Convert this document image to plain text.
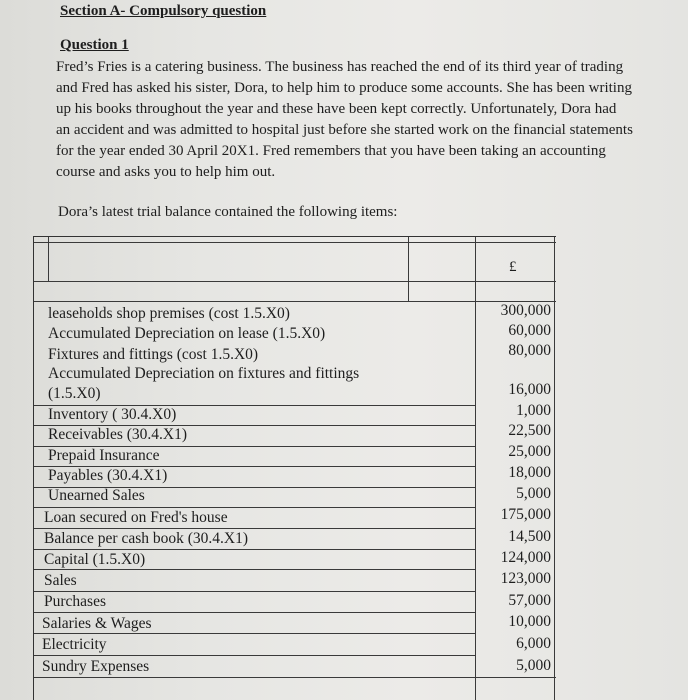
Section A- Compulsory question
Question 1
Fred’s Fries is a catering business. The business has reached the end of its third year of trading
and Fred has asked his sister, Dora, to help him to produce some accounts. She has been writing
up his books throughout the year and these have been kept correctly. Unfortunately, Dora had
an accident and was admitted to hospital just before she started work on the financial statements
for the year ended 30 April 20X1. Fred remembers that you have been taking an accounting
course and asks you to help him out.
Dora’s latest trial balance contained the following items:
£
leaseholds shop premises (cost 1.5.X0)
Accumulated Depreciation on lease (1.5.X0)
Fixtures and fittings (cost 1.5.X0)
Accumulated Depreciation on fixtures and fittings
(1.5.X0)
Inventory ( 30.4.X0)
Receivables (30.4.X1)
Prepaid Insurance
Payables (30.4.X1)
Unearned Sales
Loan secured on Fred's house
Balance per cash book (30.4.X1)
Capital (1.5.X0)
Sales
Purchases
Salaries & Wages
Electricity
Sundry Expenses
300,000
60,000
80,000
16,000
1,000
22,500
25,000
18,000
5,000
175,000
14,500
124,000
123,000
57,000
10,000
6,000
5,000
